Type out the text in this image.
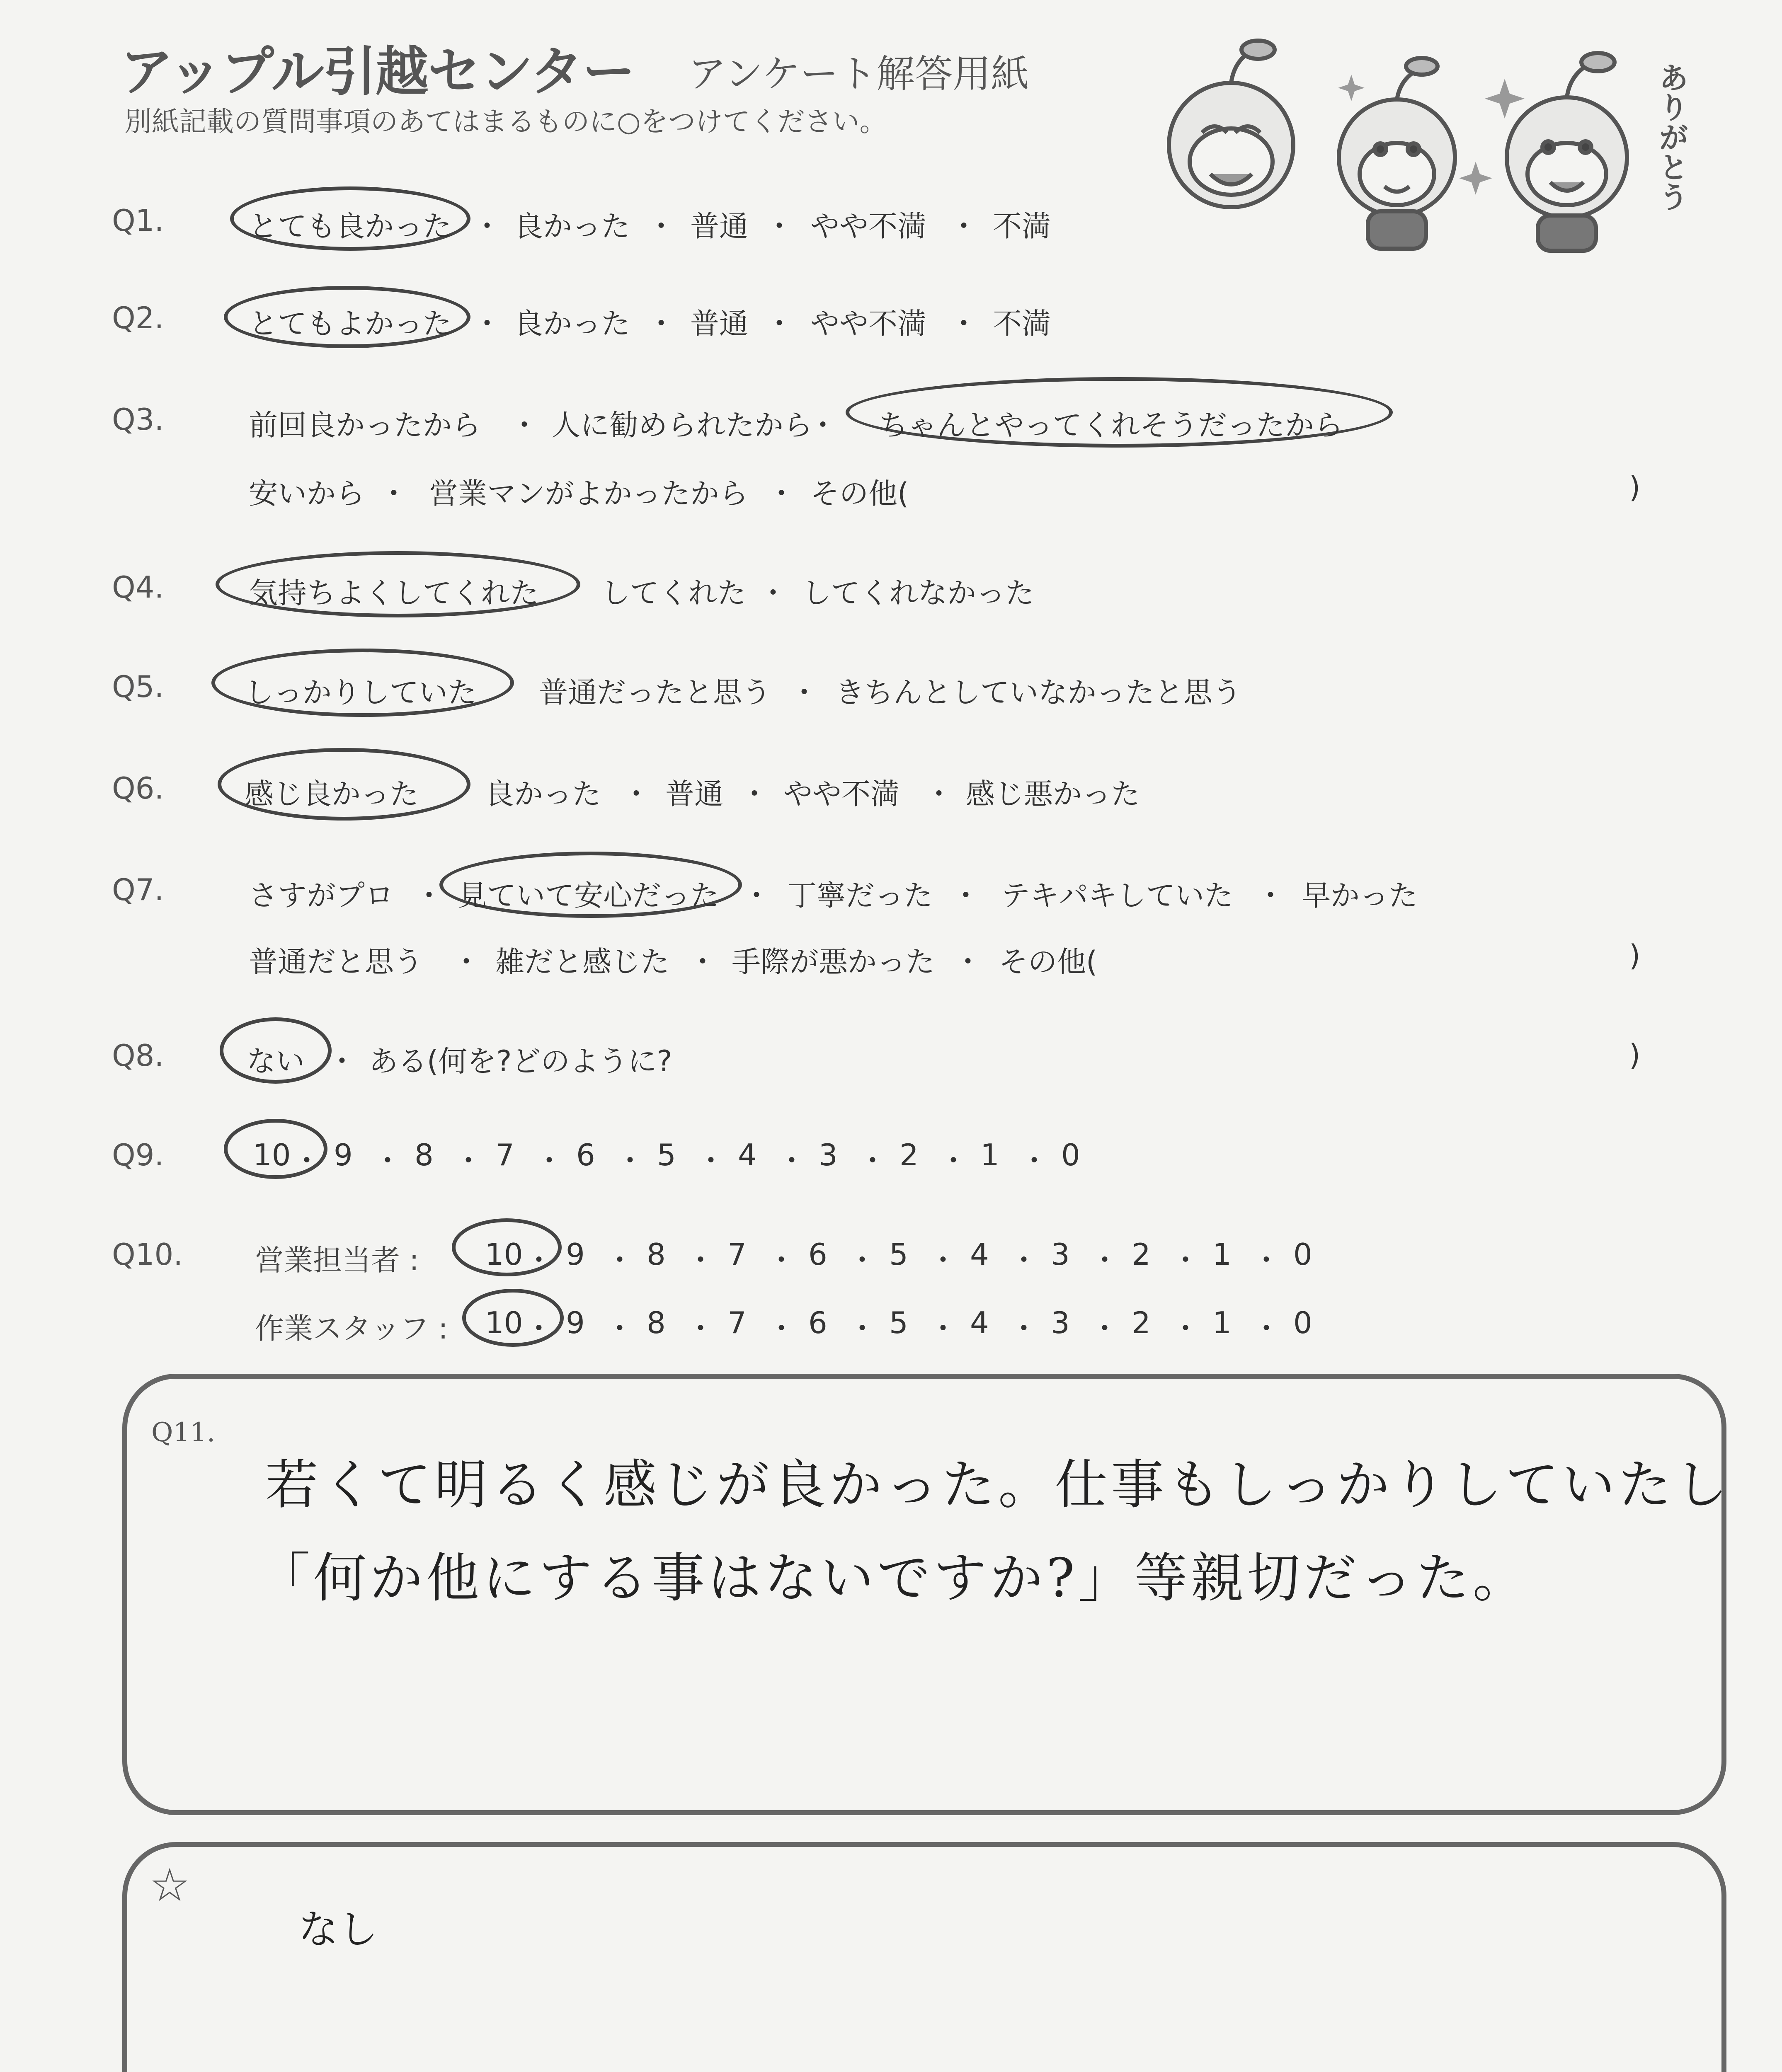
アップル引越センター アンケート解答用紙
別紙記載の質問事項のあてはまるものに○をつけてください。	ありがとう
Q1.	とても良かった ・ 良かった ・ 普通 ・ やや不満 ・ 不満
Q2.	とてもよかった ・ 良かった ・ 普通 ・ やや不満 ・ 不満
Q3.	前回良かったから ・ 人に勧められたから
・ ちゃんとやってくれそうだったから
安いから ・ 営業マンがよかったから ・ その他(	)
Q4.	気持ちよくしてくれた してくれた ・ してくれなかった
Q5.	しっかりしていた 普通だったと思う ・ きちんとしていなかったと思う
Q6.	感じ良かった 良かった ・ 普通 ・ やや不満 ・ 感じ悪かった
Q7.	さすがプロ ・ 見ていて安心だった ・ 丁寧だった ・ テキパキしていた ・ 早かった
普通だと思う ・ 雑だと感じた ・ 手際が悪かった ・ その他(	)
Q8.	ない ・ ある(何を?どのように?	)
Q9.	10 ・ 9 ・ 8 ・ 7 ・ 6 ・ 5 ・ 4 ・ 3 ・ 2 ・ 1 ・ 0
Q10. 営業担当者 : 10 ・ 9 ・ 8 ・ 7 ・ 6 ・ 5 ・ 4 ・ 3 ・ 2 ・ 1 ・ 0
作業スタッフ : 10 ・ 9 ・ 8 ・ 7 ・ 6 ・ 5 ・ 4 ・ 3 ・ 2 ・ 1 ・ 0
Q11.
若くて明るく感じが良かった。仕事もしっかりしていたし
「何か他にする事はないですか?」等親切だった。
☆
なし
